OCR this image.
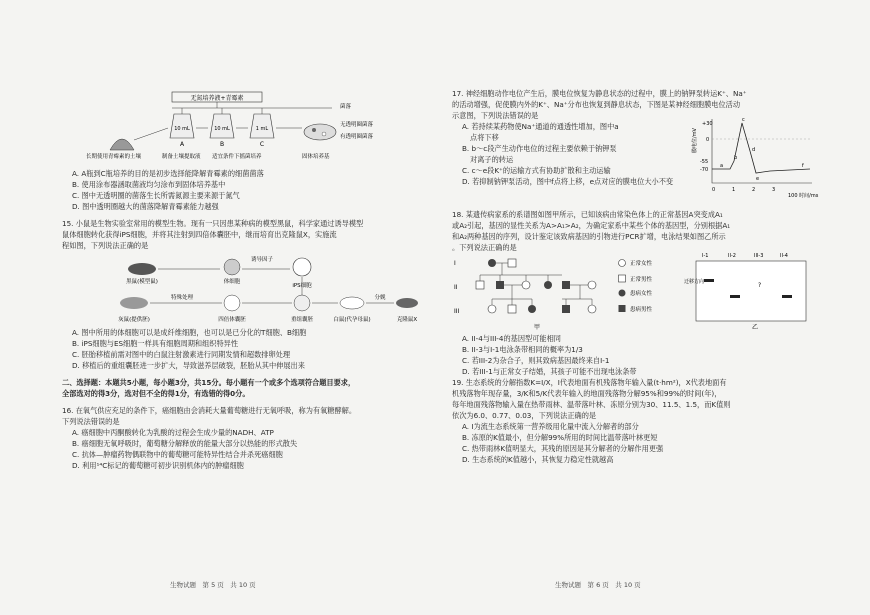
无氮培养液+青霉素
10 mL	10 mL	1 mL
A	B	C
长期使用青霉素的土壤	制备土壤提取液 适宜条件下摇菌培养
菌落
无透明圈菌落
有透明圈菌落
固体培养基
A. A瓶到C瓶培养的目的是初步选择能降解青霉素的细菌菌落
B. 使用涂布器涵取菌液均匀涂布到固体培养基中
C. 图中无透明圈的菌落生长所需氮源主要来源于氮气
D. 图中透明圈越大的菌落降解青霉素能力越强
15. 小鼠是生物实验室常用的模型生物。现有一只因患某种病的模型黑鼠，科学家通过诱导模型
鼠体细胞转化获得iPS细胞，并将其注射到四倍体囊胚中，继而培育出克隆鼠X，实施流
程如图，下列说法正确的是
诱导因子
黑鼠(模型鼠)	体细胞
iPS细胞
特殊处理	分娩
灰鼠(提供胚)	四倍体囊胚	重组囊胚	白鼠(代孕母鼠)	克隆鼠X
A. 图中所用的体细胞可以是成纤维细胞，也可以是已分化的T细胞、B细胞
B. iPS细胞与ES细胞一样具有细胞周期和组织特异性
C. 胚胎移植前需对图中的白鼠注射激素进行同期发情和超数排卵处理
D. 移植后的重组囊胚进一步扩大，导致滋养层破裂，胚胎从其中伸展出来
二、选择题：本题共5小题，每小题3分，共15分。每小题有一个或多个选项符合题目要求，
全部选对的得3分，选对但不全的得1分，有选错的得0分。
16. 在氧气供应充足的条件下，癌细胞由会消耗大量葡萄糖进行无氧呼吸，称为有氧糖酵解。
下列说法错误的是
A. 癌细胞中丙酮酸转化为乳酸的过程会生成少量的NADH、ATP
B. 癌细胞无氧呼吸时，葡萄糖分解释放的能量大部分以热能的形式散失
C. 抗体—肿瘤药物偶联物中的葡萄糖可能特异性结合并杀死癌细胞
D. 利用¹⁴C标记的葡萄糖可初步识别机体内的肿瘤细胞
生物试题　第 5 页　共 10 页
17. 神经细胞动作电位产生后，膜电位恢复为静息状态的过程中，膜上的钠钾泵转运K⁺、Na⁺
的活动增强，促使膜内外的K⁺、Na⁺分布也恢复到静息状态，下图是某神经细胞膜电位活动
示意图，下列说法错误的是
A. 若持续某药物使Na⁺通道的通透性增加，图中a
点将下移
B. b～c段产生动作电位的过程主要依赖于钠钾泵
对离子的转运
C. c～e段K⁺的运输方式有协助扩散和主动运输
膜电位/mV
+30
0
-55
-70
a
b
c
d
e
f
0	1	2	3
100 时间/ms
D. 若抑制钠钾泵活动，图中f点将上移，e点对应的膜电位大小不变
18. 某遗传病家系的系谱图如图甲所示，已知该病由常染色体上的正常基因A突变成A₁
或A₂引起，基因的显性关系为A>A₁>A₂，为确定家系中某些个体的基因型，分别根据A₁
和A₂两种基因的序列，设计鉴定该致病基因的引物进行PCR扩增，电泳结果如图乙所示
。下列说法正确的是
I
II
III
甲
正常女性
正常男性
患病女性
患病男性
迁移方向
I-1	II-2	III-3	II-4
?
乙
A. II-4与III-4的基因型可能相同
B. II-3与I-1电泳条带相同的概率为1/3
C. 若III-2为杂合子，则其致病基因最终来自I-1
D. 若III-1与正常女子结婚，其孩子可能不出现电泳条带
19. 生态系统的分解指数K=I/X，I代表地面有机残落物年输入量(t·hm²)，X代表地面有
机残落物年现存量，3/K和5/K代表年输入的地面残落物分解95%和99%的时间(年)，
每年地面残落物输入量在热带雨林、温带落叶林、冻原分别为30、11.5、1.5，而K值则
依次为6.0、0.77、0.03，下列说法正确的是
A. I为流生态系统第一营养级用化量中流入分解者的部分
B. 冻原的K值最小，但分解99%所用的时间比温带落叶林更短
C. 热带雨林K值明显大，其残的原因是其分解者的分解作用更强
D. 生态系统的K值越小，其恢复力稳定性就越高
生物试题　第 6 页　共 10 页
